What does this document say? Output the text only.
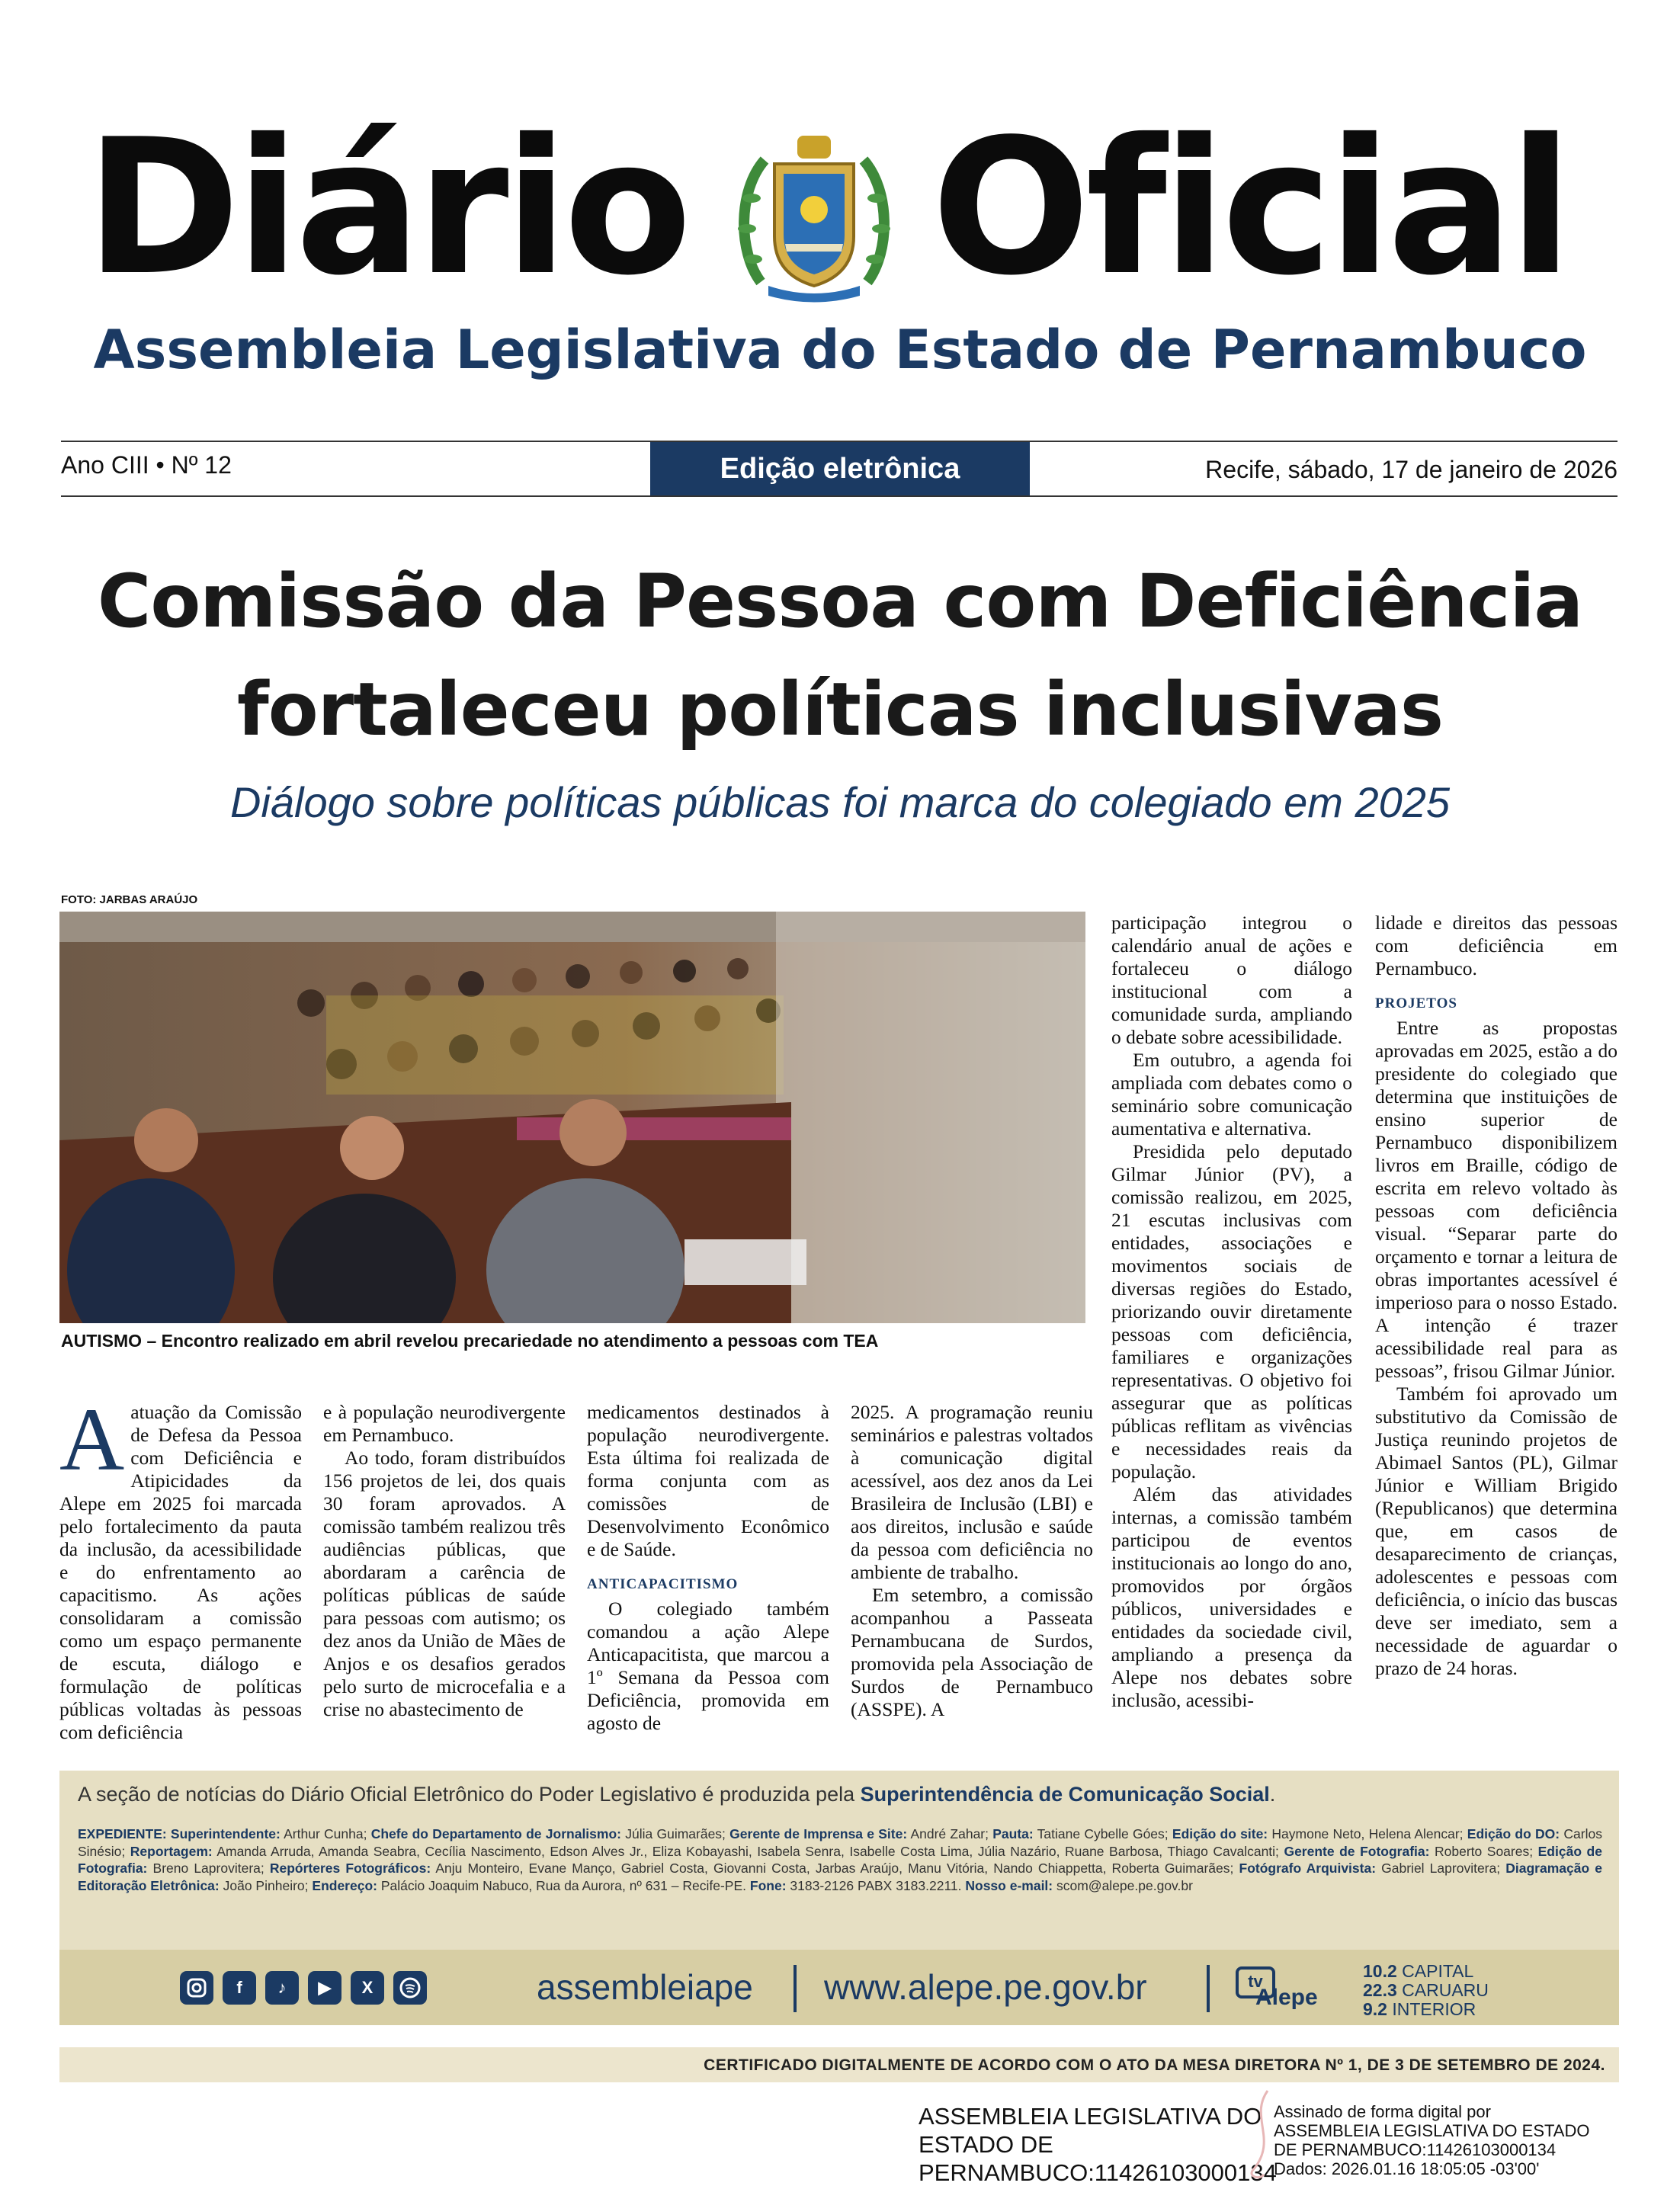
Diário Oficial
Assembleia Legislativa do Estado de Pernambuco
Ano CIII • Nº 12	Edição eletrônica	Recife, sábado, 17 de janeiro de 2026
Comissão da Pessoa com Deficiência
fortaleceu políticas inclusivas
Diálogo sobre políticas públicas foi marca do colegiado em 2025
FOTO: JARBAS ARAÚJO
AUTISMO – Encontro realizado em abril revelou precariedade no atendimento a pessoas com TEA
A atuação da Comissão de Defesa da Pessoa com Deficiência e Atipicidades da Alepe em 2025 foi marcada pelo fortalecimento da pauta da inclusão, da acessibilidade e do enfrentamento ao capacitismo. As ações consolidaram a comissão como um espaço permanente de escuta, diálogo e formulação de políticas públicas voltadas às pessoas com deficiência

e à população neurodivergente em Pernambuco.

Ao todo, foram distribuídos 156 projetos de lei, dos quais 30 foram aprovados. A comissão também realizou três audiências públicas, que abordaram a carência de políticas públicas de saúde para pessoas com autismo; os dez anos da União de Mães de Anjos e os desafios gerados pelo surto de microcefalia e a crise no abastecimento de

medicamentos destinados à população neurodivergente. Esta última foi realizada de forma conjunta com as comissões de Desenvolvimento Econômico e de Saúde.

ANTICAPACITISMO

O colegiado também comandou a ação Alepe Anticapacitista, que marcou a 1º Semana da Pessoa com Deficiência, promovida em agosto de

2025. A programação reuniu seminários e palestras voltados à comunicação digital acessível, aos dez anos da Lei Brasileira de Inclusão (LBI) e aos direitos, inclusão e saúde da pessoa com deficiência no ambiente de trabalho.

Em setembro, a comissão acompanhou a Passeata Pernambucana de Surdos, promovida pela Associação de Surdos de Pernambuco (ASSPE). A

participação integrou o calendário anual de ações e fortaleceu o diálogo institucional com a comunidade surda, ampliando o debate sobre acessibilidade.

Em outubro, a agenda foi ampliada com debates como o seminário sobre comunicação aumentativa e alternativa.

Presidida pelo deputado Gilmar Júnior (PV), a comissão realizou, em 2025, 21 escutas inclusivas com entidades, associações e movimentos sociais de diversas regiões do Estado, priorizando ouvir diretamente pessoas com deficiência, familiares e organizações representativas. O objetivo foi assegurar que as políticas públicas reflitam as vivências e necessidades reais da população.

Além das atividades internas, a comissão também participou de eventos institucionais ao longo do ano, promovidos por órgãos públicos, universidades e entidades da sociedade civil, ampliando a presença da Alepe nos debates sobre inclusão, acessibi-

lidade e direitos das pessoas com deficiência em Pernambuco.

PROJETOS

Entre as propostas aprovadas em 2025, estão a do presidente do colegiado que determina que instituições de ensino superior de Pernambuco disponibilizem livros em Braille, código de escrita em relevo voltado às pessoas com deficiência visual. “Separar parte do orçamento e tornar a leitura de obras importantes acessível é imperioso para o nosso Estado. A intenção é trazer acessibilidade real para as pessoas”, frisou Gilmar Júnior.

Também foi aprovado um substitutivo da Comissão de Justiça reunindo projetos de Abimael Santos (PL), Gilmar Júnior e William Brigido (Republicanos) que determina que, em casos de desaparecimento de crianças, adolescentes e pessoas com deficiência, o início das buscas deve ser imediato, sem a necessidade de aguardar o prazo de 24 horas.

A seção de notícias do Diário Oficial Eletrônico do Poder Legislativo é produzida pela Superintendência de Comunicação Social.
EXPEDIENTE: Superintendente: Arthur Cunha; Chefe do Departamento de Jornalismo: Júlia Guimarães; Gerente de Imprensa e Site: André Zahar; Pauta: Tatiane Cybelle Góes; Edição do site: Haymone Neto, Helena Alencar; Edição do DO: Carlos Sinésio; Reportagem: Amanda Arruda, Amanda Seabra, Cecília Nascimento, Edson Alves Jr., Eliza Kobayashi, Isabela Senra, Isabelle Costa Lima, Júlia Nazário, Ruane Barbosa, Thiago Cavalcanti; Gerente de Fotografia: Roberto Soares; Edição de Fotografia: Breno Laprovitera; Repórteres Fotográficos: Anju Monteiro, Evane Manço, Gabriel Costa, Giovanni Costa, Jarbas Araújo, Manu Vitória, Nando Chiappetta, Roberta Guimarães; Fotógrafo Arquivista: Gabriel Laprovitera; Diagramação e Editoração Eletrônica: João Pinheiro; Endereço: Palácio Joaquim Nabuco, Rua da Aurora, nº 631 – Recife-PE. Fone: 3183-2126 PABX 3183.2211. Nosso e-mail: scom@alepe.pe.gov.br
f	♪	▶	X	assembleiape www.alepe.pe.gov.br	tv
Alepe
10.2 CAPITAL
22.3 CARUARU
9.2 INTERIOR
CERTIFICADO DIGITALMENTE DE ACORDO COM O ATO DA MESA DIRETORA Nº 1, DE 3 DE SETEMBRO DE 2024.
ASSEMBLEIA LEGISLATIVA DO
ESTADO DE
PERNAMBUCO:11426103000134
Assinado de forma digital por
ASSEMBLEIA LEGISLATIVA DO ESTADO
DE PERNAMBUCO:11426103000134
Dados: 2026.01.16 18:05:05 -03'00'
